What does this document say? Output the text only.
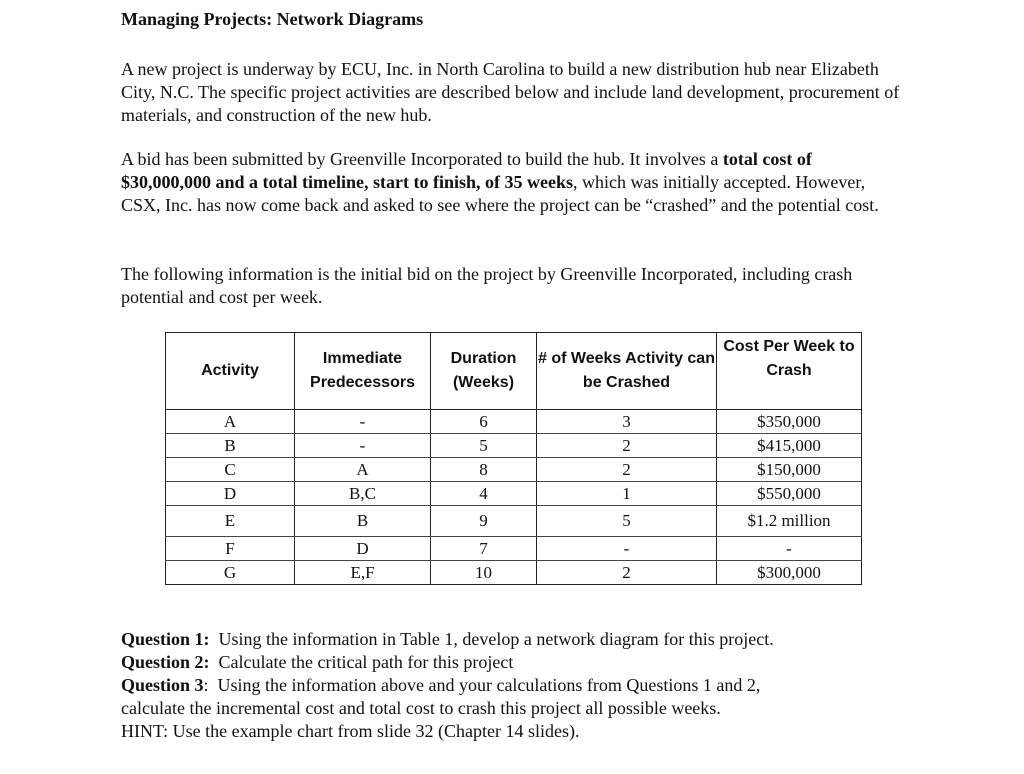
Managing Projects: Network Diagrams

A new project is underway by ECU, Inc. in North Carolina to build a new distribution hub near Elizabeth City, N.C. The specific project activities are described below and include land development, procurement of materials, and construction of the new hub.

A bid has been submitted by Greenville Incorporated to build the hub. It involves a total cost of $30,000,000 and a total timeline, start to finish, of 35 weeks, which was initially accepted. However, CSX, Inc. has now come back and asked to see where the project can be “crashed” and the potential cost.

The following information is the initial bid on the project by Greenville Incorporated, including crash potential and cost per week.

Activity	Immediate Predecessors	Duration (Weeks)	# of Weeks Activity can be Crashed	Cost Per Week to Crash
A	-	6	3	$350,000
B	-	5	2	$415,000
C	A	8	2	$150,000
D	B,C	4	1	$550,000
E	B	9	5	$1.2 million
F	D	7	-	-
G	E,F	10	2	$300,000
Question 1:  Using the information in Table 1, develop a network diagram for this project.
Question 2:  Calculate the critical path for this project
Question 3:  Using the information above and your calculations from Questions 1 and 2,
calculate the incremental cost and total cost to crash this project all possible weeks.
HINT: Use the example chart from slide 32 (Chapter 14 slides).
